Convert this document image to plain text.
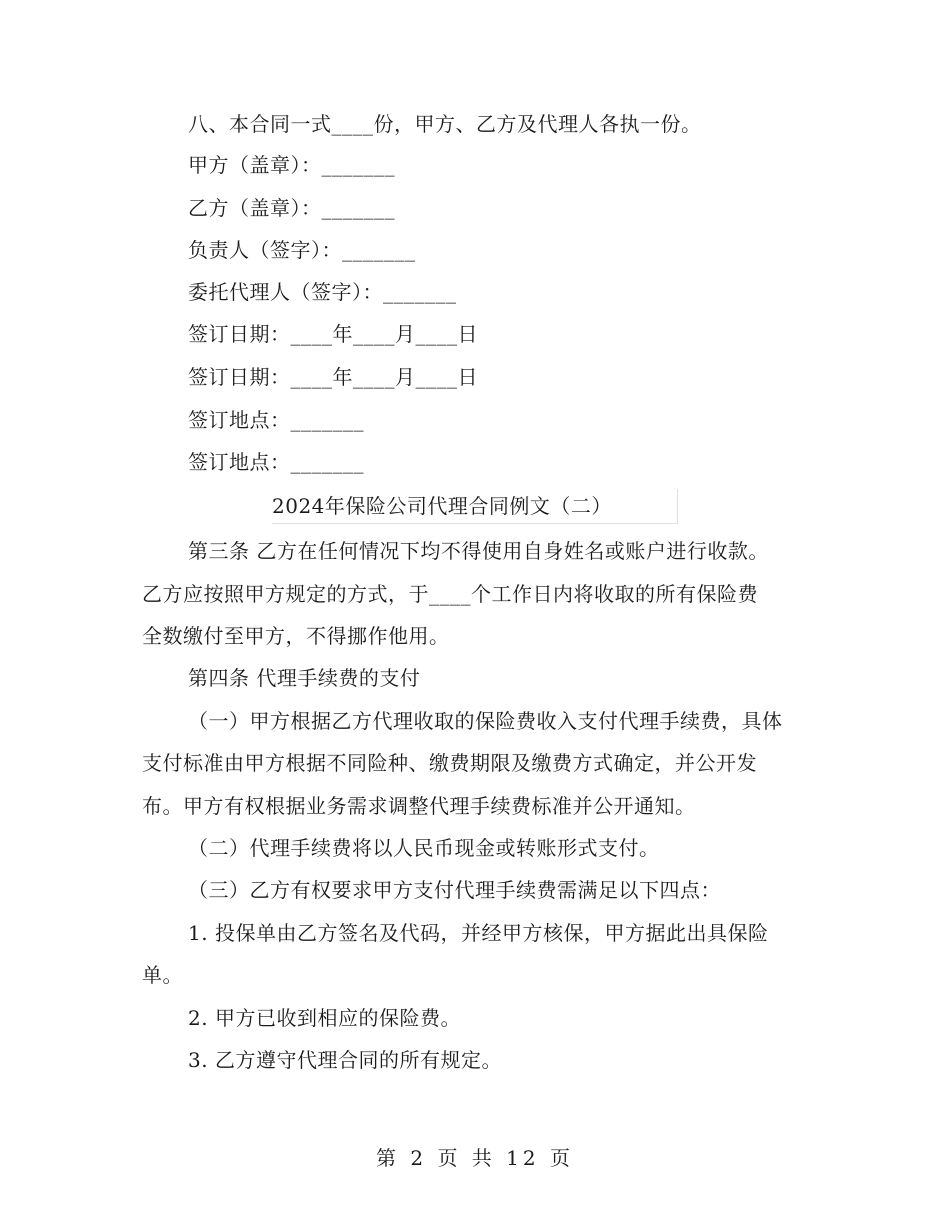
八、本合同一式____份，甲方、乙方及代理人各执一份。
甲方（盖章）：_______
乙方（盖章）：_______
负责人（签字）：_______
委托代理人（签字）：_______
签订日期：____年____月____日
签订日期：____年____月____日
签订地点：_______
签订地点：_______
2024年保险公司代理合同例文（二）
第三条 乙方在任何情况下均不得使用自身姓名或账户进行收款。
乙方应按照甲方规定的方式，于____个工作日内将收取的所有保险费
全数缴付至甲方，不得挪作他用。
第四条 代理手续费的支付
（一）甲方根据乙方代理收取的保险费收入支付代理手续费，具体
支付标准由甲方根据不同险种、缴费期限及缴费方式确定，并公开发
布。甲方有权根据业务需求调整代理手续费标准并公开通知。
（二）代理手续费将以人民币现金或转账形式支付。
（三）乙方有权要求甲方支付代理手续费需满足以下四点：
1. 投保单由乙方签名及代码，并经甲方核保，甲方据此出具保险
单。
2. 甲方已收到相应的保险费。
3. 乙方遵守代理合同的所有规定。
第 2 页 共 12 页
